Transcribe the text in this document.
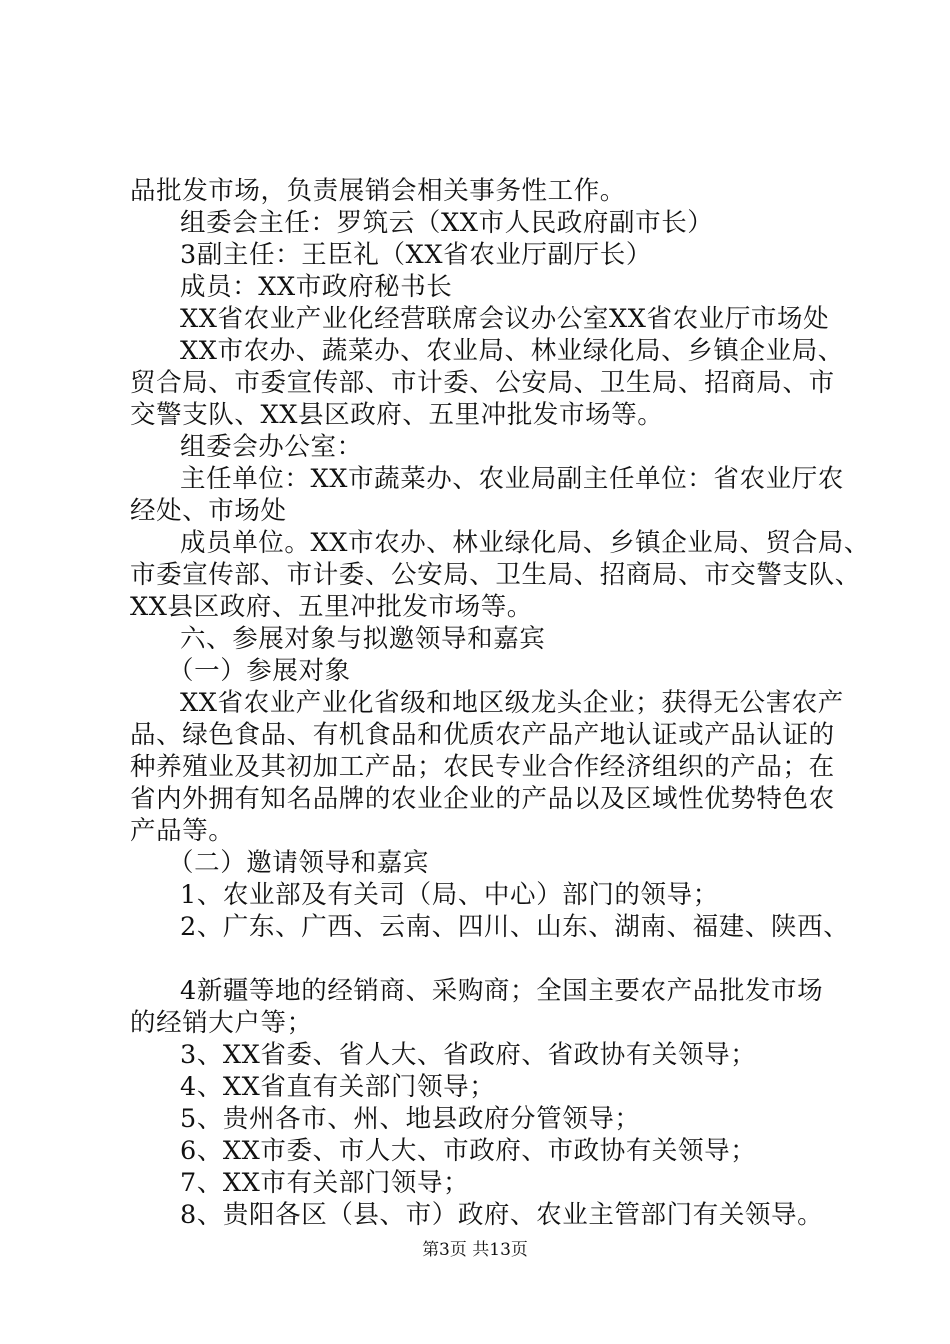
品批发市场，负责展销会相关事务性工作。
组委会主任：罗筑云（XX市人民政府副市长）
3副主任：王臣礼（XX省农业厅副厅长）
成员：XX市政府秘书长
XX省农业产业化经营联席会议办公室XX省农业厅市场处
XX市农办、蔬菜办、农业局、林业绿化局、乡镇企业局、
贸合局、市委宣传部、市计委、公安局、卫生局、招商局、市
交警支队、XX县区政府、五里冲批发市场等。
组委会办公室：
主任单位：XX市蔬菜办、农业局副主任单位：省农业厅农
经处、市场处
成员单位。XX市农办、林业绿化局、乡镇企业局、贸合局、
市委宣传部、市计委、公安局、卫生局、招商局、市交警支队、
XX县区政府、五里冲批发市场等。
六、参展对象与拟邀领导和嘉宾
（一）参展对象
XX省农业产业化省级和地区级龙头企业；获得无公害农产
品、绿色食品、有机食品和优质农产品产地认证或产品认证的
种养殖业及其初加工产品；农民专业合作经济组织的产品；在
省内外拥有知名品牌的农业企业的产品以及区域性优势特色农
产品等。
（二）邀请领导和嘉宾
1、农业部及有关司（局、中心）部门的领导；
2、广东、广西、云南、四川、山东、湖南、福建、陕西、
4新疆等地的经销商、采购商；全国主要农产品批发市场
的经销大户等；
3、XX省委、省人大、省政府、省政协有关领导；
4、XX省直有关部门领导；
5、贵州各市、州、地县政府分管领导；
6、XX市委、市人大、市政府、市政协有关领导；
7、XX市有关部门领导；
8、贵阳各区（县、市）政府、农业主管部门有关领导。
第3页 共13页
